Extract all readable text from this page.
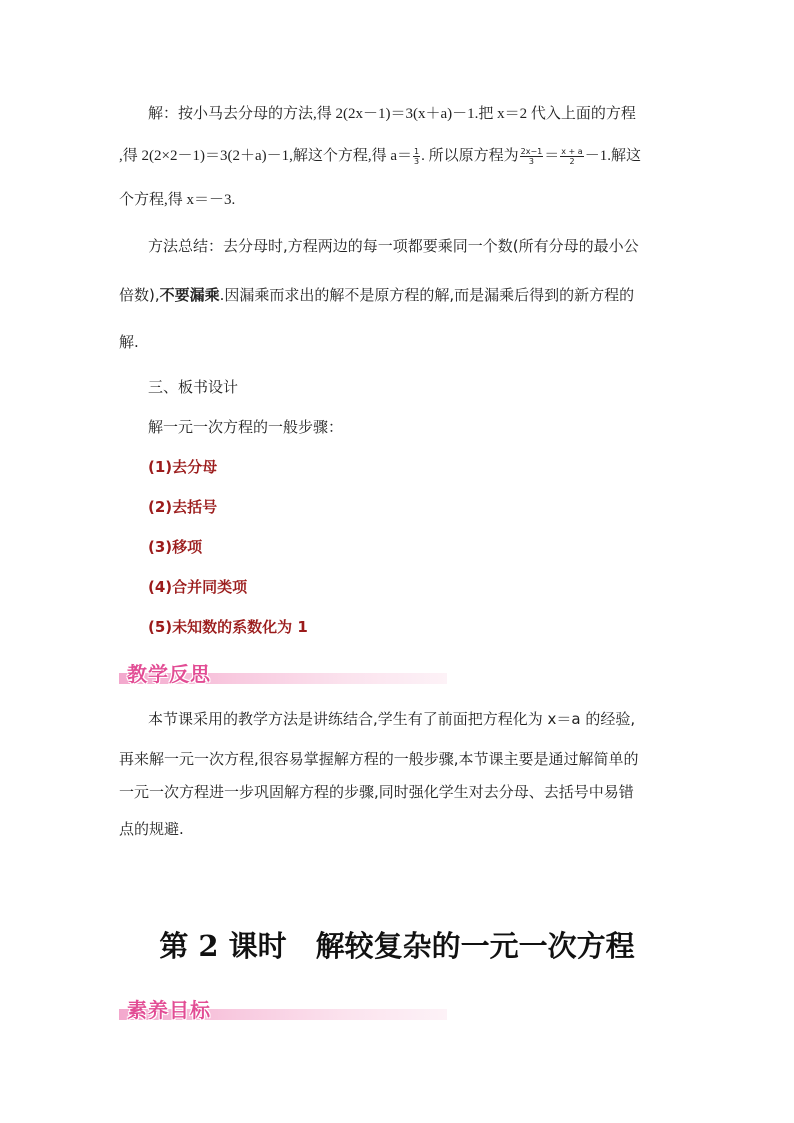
解：按小马去分母的方法,得 2(2x－1)＝3(x＋a)－1.把 x＝2 代入上面的方程
,得 2(2×2－1)＝3(2＋a)－1,解这个方程,得 $a= \frac{1}{3}$ . 所以原方程为 $\frac{2x-1}{3} = \frac{x + a}{2} -1$.解这
个方程,得 x＝－3.
方法总结：去分母时,方程两边的每一项都要乘同一个数(所有分母的最小公
倍数),不要漏乘.因漏乘而求出的解不是原方程的解,而是漏乘后得到的新方程的
解.
三、板书设计
解一元一次方程的一般步骤：
(1)去分母
(2)去括号
(3)移项
(4)合并同类项
(5)未知数的系数化为 1
教学反思
本节课采用的教学方法是讲练结合,学生有了前面把方程化为 x＝a 的经验,
再来解一元一次方程,很容易掌握解方程的一般步骤,本节课主要是通过解简单的
一元一次方程进一步巩固解方程的步骤,同时强化学生对去分母、去括号中易错
点的规避.
第 2 课时　解较复杂的一元一次方程
素养目标
